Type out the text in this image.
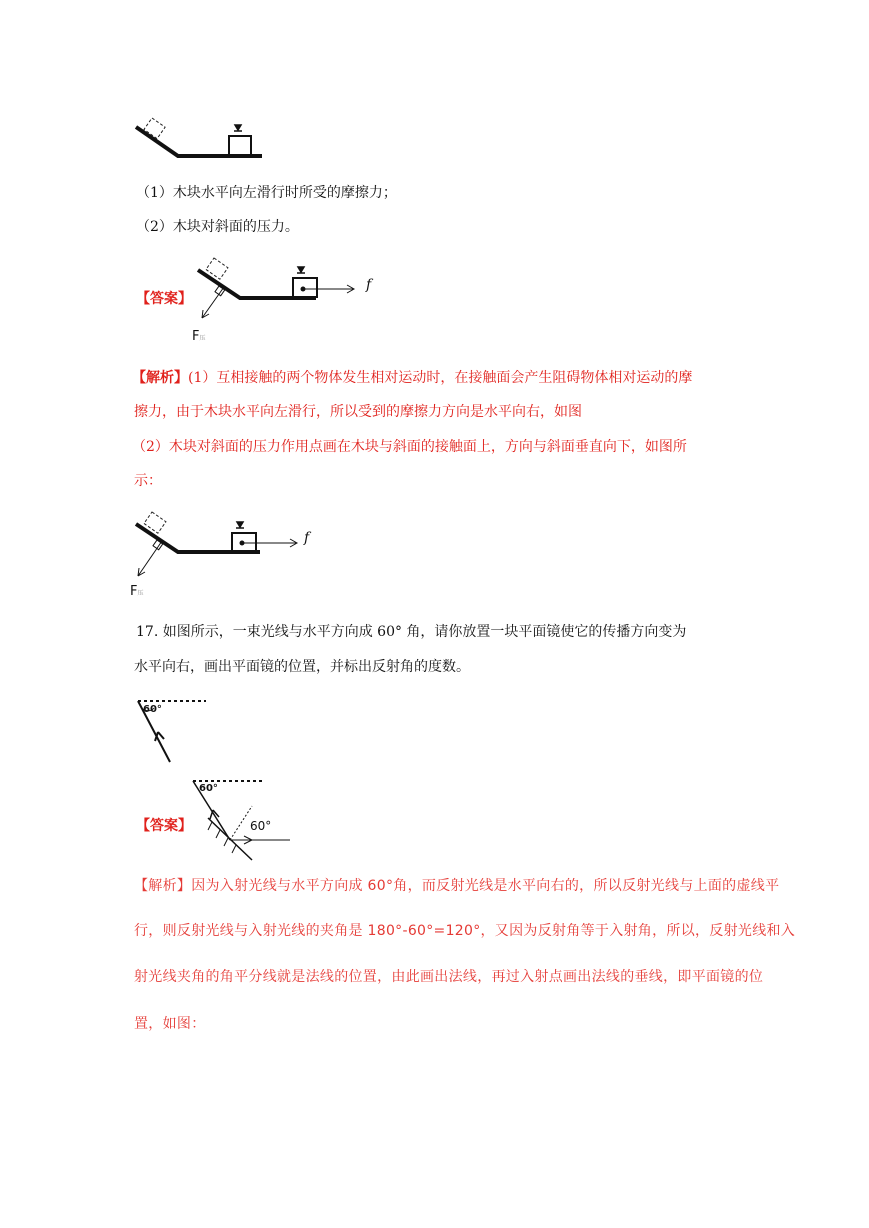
（1）木块水平向左滑行时所受的摩擦力；
（2）木块对斜面的压力。
【答案】
f
F压
【解析】(1）互相接触的两个物体发生相对运动时，在接触面会产生阻碍物体相对运动的摩
擦力，由于木块水平向左滑行，所以受到的摩擦力方向是水平向右，如图
（2）木块对斜面的压力作用点画在木块与斜面的接触面上，方向与斜面垂直向下，如图所
示：
f
F压
17. 如图所示，一束光线与水平方向成 60° 角，请你放置一块平面镜使它的传播方向变为
水平向右，画出平面镜的位置，并标出反射角的度数。
60°
【答案】
60°
60°
【解析】因为入射光线与水平方向成 60°角，而反射光线是水平向右的，所以反射光线与上面的虚线平
行，则反射光线与入射光线的夹角是 180°-60°=120°，又因为反射角等于入射角，所以，反射光线和入
射光线夹角的角平分线就是法线的位置，由此画出法线，再过入射点画出法线的垂线，即平面镜的位
置，如图：
